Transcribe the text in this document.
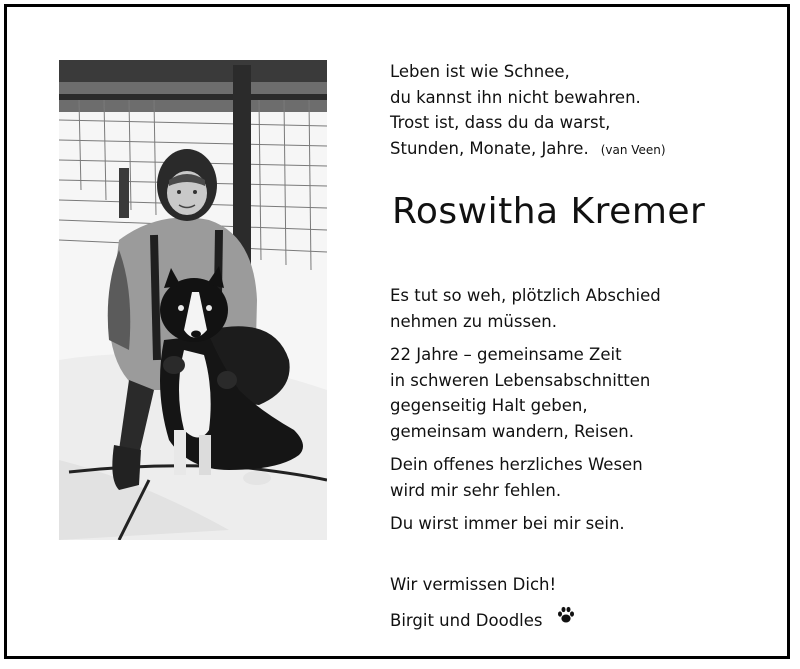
Leben ist wie Schnee,
du kannst ihn nicht bewahren.
Trost ist, dass du da warst,
Stunden, Monate, Jahre. (van Veen)
Roswitha Kremer
Es tut so weh, plötzlich Abschied
nehmen zu müssen.
22 Jahre – gemeinsame Zeit
in schweren Lebensabschnitten
gegenseitig Halt geben,
gemeinsam wandern, Reisen.
Dein offenes herzliches Wesen
wird mir sehr fehlen.
Du wirst immer bei mir sein.
Wir vermissen Dich!
Birgit und Doodles
